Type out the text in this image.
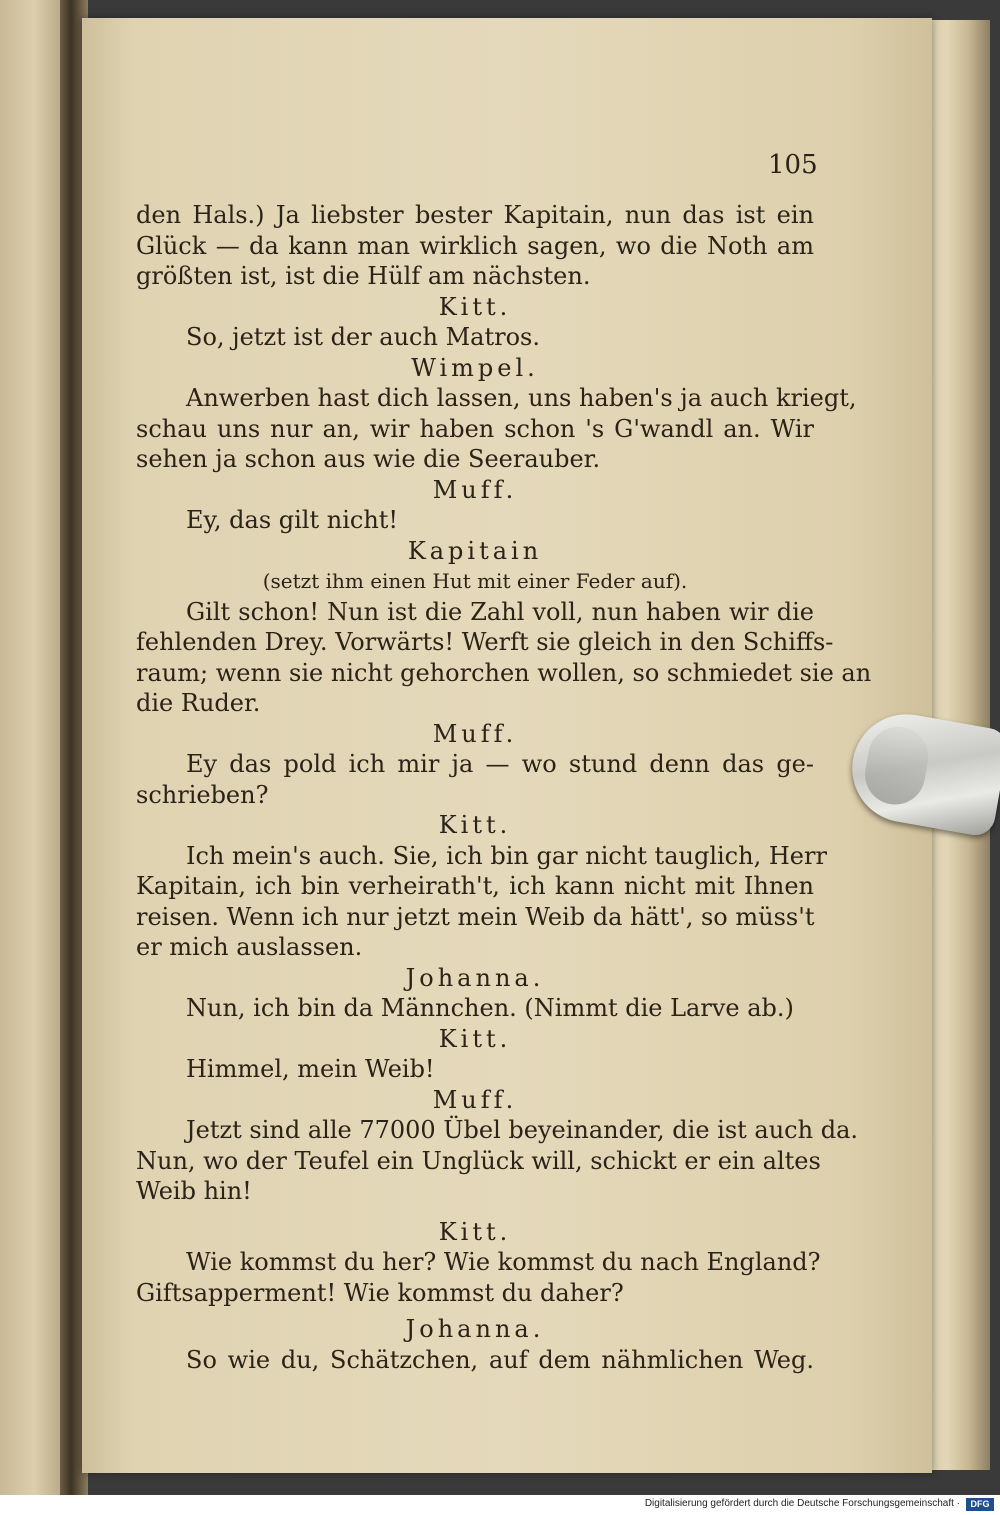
105
den Hals.) Ja liebster bester Kapitain, nun das ist ein
Glück — da kann man wirklich sagen, wo die Noth am
größten ist, ist die Hülf am nächsten.
Kitt.
So, jetzt ist der auch Matros.
Wimpel.
Anwerben hast dich lassen, uns haben's ja auch kriegt,
schau uns nur an, wir haben schon 's G'wandl an. Wir
sehen ja schon aus wie die Seerauber.
Muff.
Ey, das gilt nicht!
Kapitain
(setzt ihm einen Hut mit einer Feder auf).
Gilt schon! Nun ist die Zahl voll, nun haben wir die
fehlenden Drey. Vorwärts! Werft sie gleich in den Schiffs-
raum; wenn sie nicht gehorchen wollen, so schmiedet sie an
die Ruder.
Muff.
Ey das pold ich mir ja — wo stund denn das ge-
schrieben?
Kitt.
Ich mein's auch. Sie, ich bin gar nicht tauglich, Herr
Kapitain, ich bin verheirath't, ich kann nicht mit Ihnen
reisen. Wenn ich nur jetzt mein Weib da hätt', so müss't
er mich auslassen.
Johanna.
Nun, ich bin da Männchen. (Nimmt die Larve ab.)
Kitt.
Himmel, mein Weib!
Muff.
Jetzt sind alle 77000 Übel beyeinander, die ist auch da.
Nun, wo der Teufel ein Unglück will, schickt er ein altes
Weib hin!
Kitt.
Wie kommst du her? Wie kommst du nach England?
Giftsapperment! Wie kommst du daher?
Johanna.
So wie du, Schätzchen, auf dem nähmlichen Weg.
Digitalisierung gefördert durch die Deutsche Forschungsgemeinschaft ·	DFG
